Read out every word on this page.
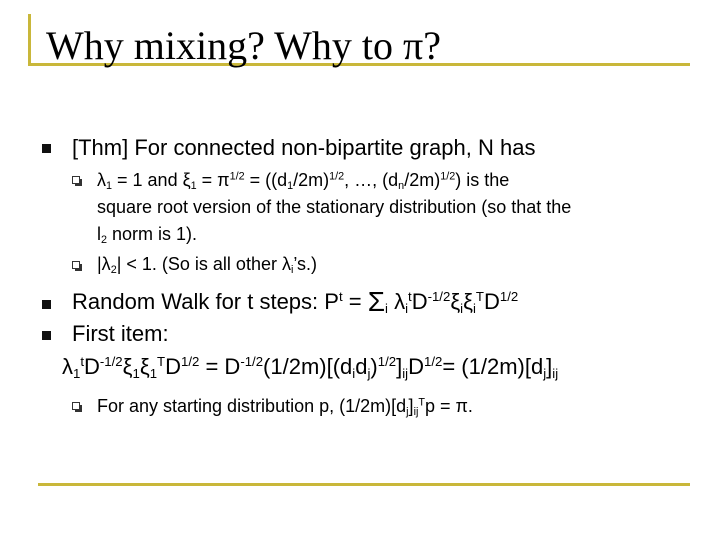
Why mixing? Why to π?
[Thm] For connected non-bipartite graph, N has
$\lambda_1 = 1$ and $\xi_1 = \pi^{1/2} = ((d_1/2m)^{1/2}$, …, $(d_n/2m)^{1/2}$) is the
square root version of the stationary distribution (so that the
$l_2$ norm is 1).
$|\lambda_2| < 1$. (So is all other $\lambda_i’s$.)
Random Walk for t steps: $P^t = \Sigma_i$ $\lambda_i^tD^{-1/2}\xi_i\xi_i^TD^{1/2}$
First item:
$\lambda_1^tD^{-1/2}\xi_1\xi_1^TD^{1/2} = D^{-1/2}(1/2m)[(d_id_j)^{1/2}]_{ij}D^{1/2}= (1/2m)[d_j]_{ij}$
For any starting distribution p, $(1/2m)[d_j]_{ij}^Tp = \pi$.
